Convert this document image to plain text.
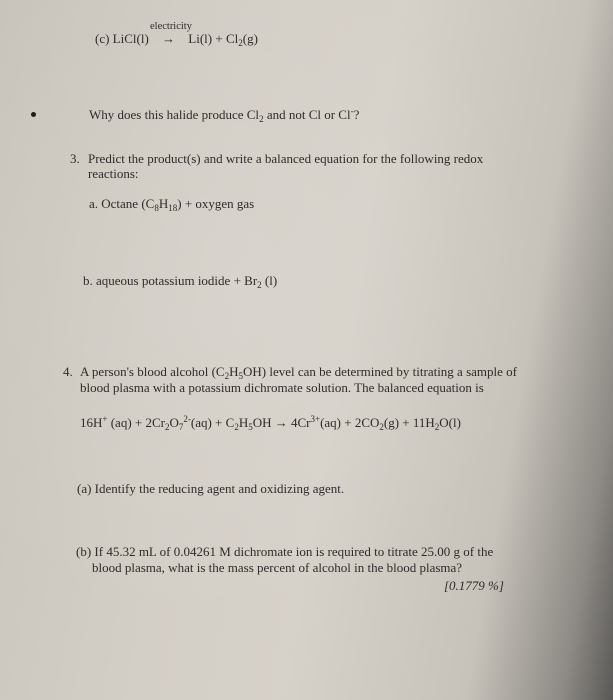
electricity
(c) LiCl(l) → $Li(l) + Cl_2(g)$
Why does this halide produce $Cl_2$ and not Cl or Cl-?
3. Predict the product(s) and write a balanced equation for the following redox
reactions:
a. Octane $(C_8H_{18})$ + oxygen gas
b. aqueous potassium iodide + $Br_2$ (l)
4. A person's blood alcohol $(C_2H_5OH)$ level can be determined by titrating a sample of
blood plasma with a potassium dichromate solution. The balanced equation is
16H+ $(aq) + 2Cr_2O_7^{2-}(aq) + C_2H_5OH \to 4Cr^{3+}(aq) + 2CO_2(g) + 11H_2O(l)$
(a) Identify the reducing agent and oxidizing agent.
(b) If 45.32 mL of 0.04261 M dichromate ion is required to titrate 25.00 g of the
blood plasma, what is the mass percent of alcohol in the blood plasma?
[0.1779 %]
